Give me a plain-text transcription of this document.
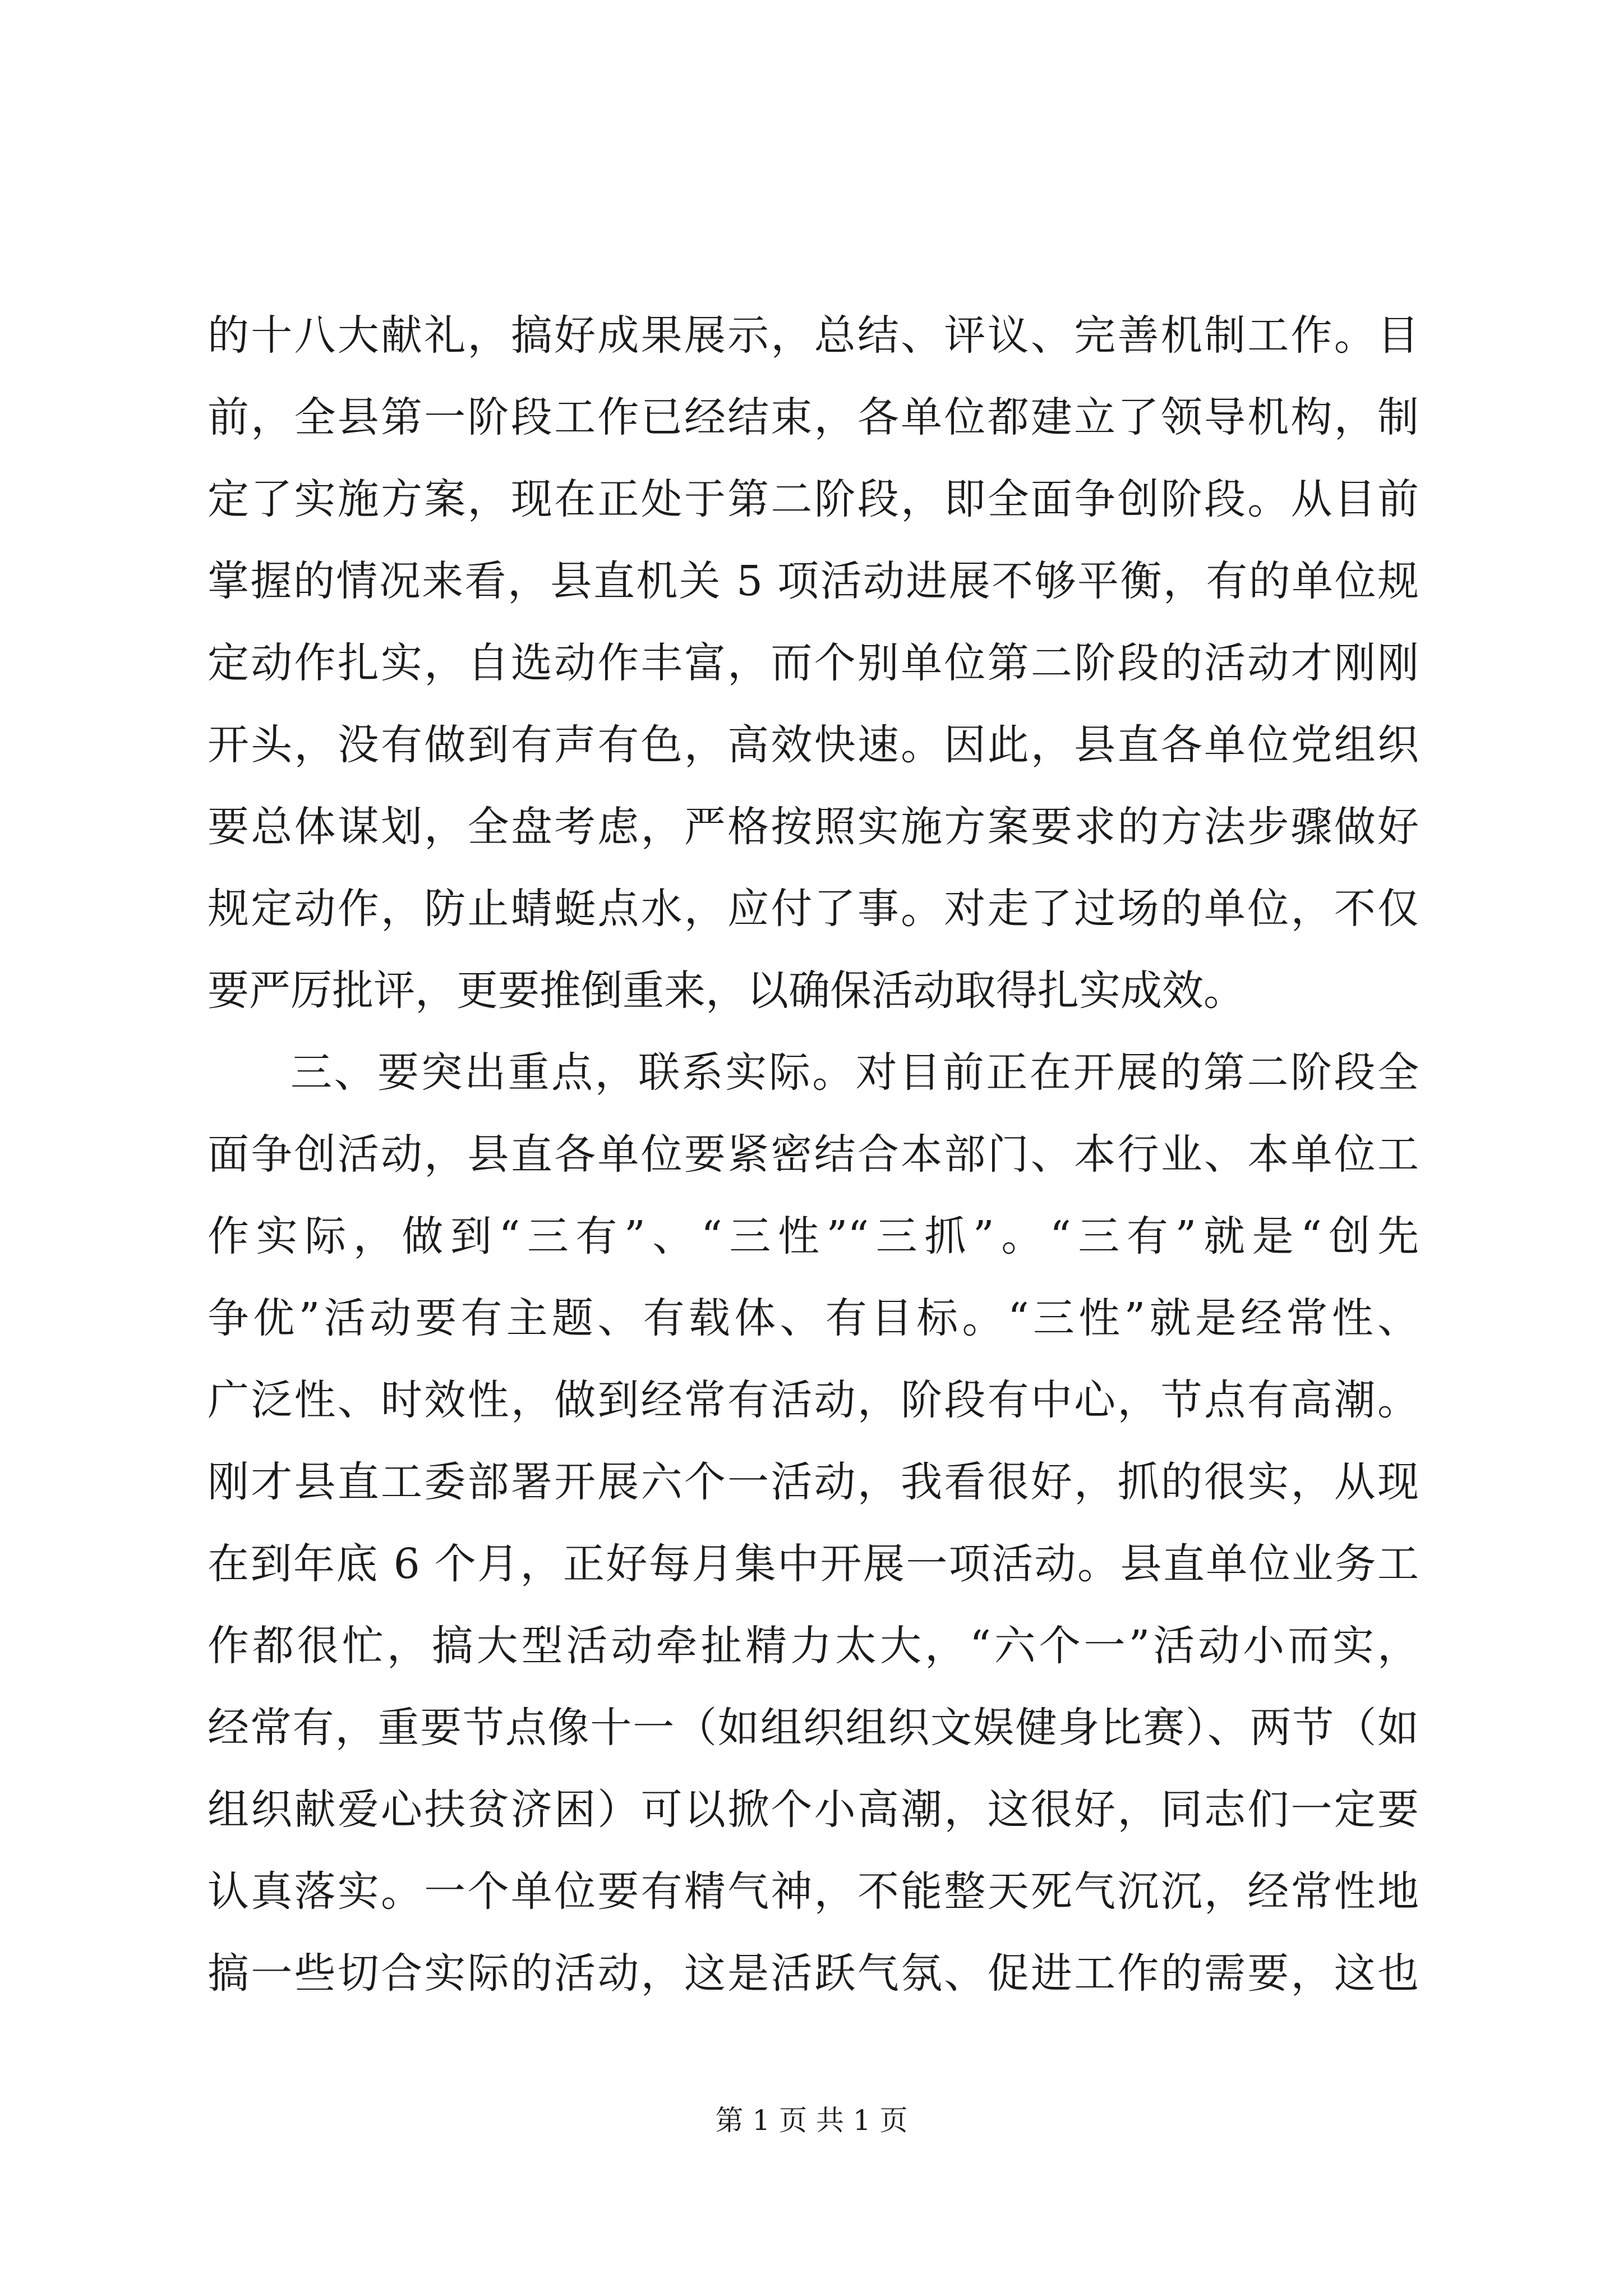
的十八大献礼，搞好成果展示，总结、评议、完善机制工作。目
前，全县第一阶段工作已经结束，各单位都建立了领导机构，制
定了实施方案，现在正处于第二阶段，即全面争创阶段。从目前
掌握的情况来看，县直机关 5 项活动进展不够平衡，有的单位规
定动作扎实，自选动作丰富，而个别单位第二阶段的活动才刚刚
开头，没有做到有声有色，高效快速。因此，县直各单位党组织
要总体谋划，全盘考虑，严格按照实施方案要求的方法步骤做好
规定动作，防止蜻蜓点水，应付了事。对走了过场的单位，不仅
要严厉批评，更要推倒重来，以确保活动取得扎实成效。
三、要突出重点，联系实际。对目前正在开展的第二阶段全
面争创活动，县直各单位要紧密结合本部门、本行业、本单位工
作实际，做到“三有”、“三性”“三抓”。“三有”就是“创先
争优”活动要有主题、有载体、有目标。“三性”就是经常性、
广泛性、时效性，做到经常有活动，阶段有中心，节点有高潮。
刚才县直工委部署开展六个一活动，我看很好，抓的很实，从现
在到年底 6 个月，正好每月集中开展一项活动。县直单位业务工
作都很忙，搞大型活动牵扯精力太大，“六个一”活动小而实，
经常有，重要节点像十一（如组织组织文娱健身比赛）、两节（如
组织献爱心扶贫济困）可以掀个小高潮，这很好，同志们一定要
认真落实。一个单位要有精气神，不能整天死气沉沉，经常性地
搞一些切合实际的活动，这是活跃气氛、促进工作的需要，这也
第 1 页 共 1 页
